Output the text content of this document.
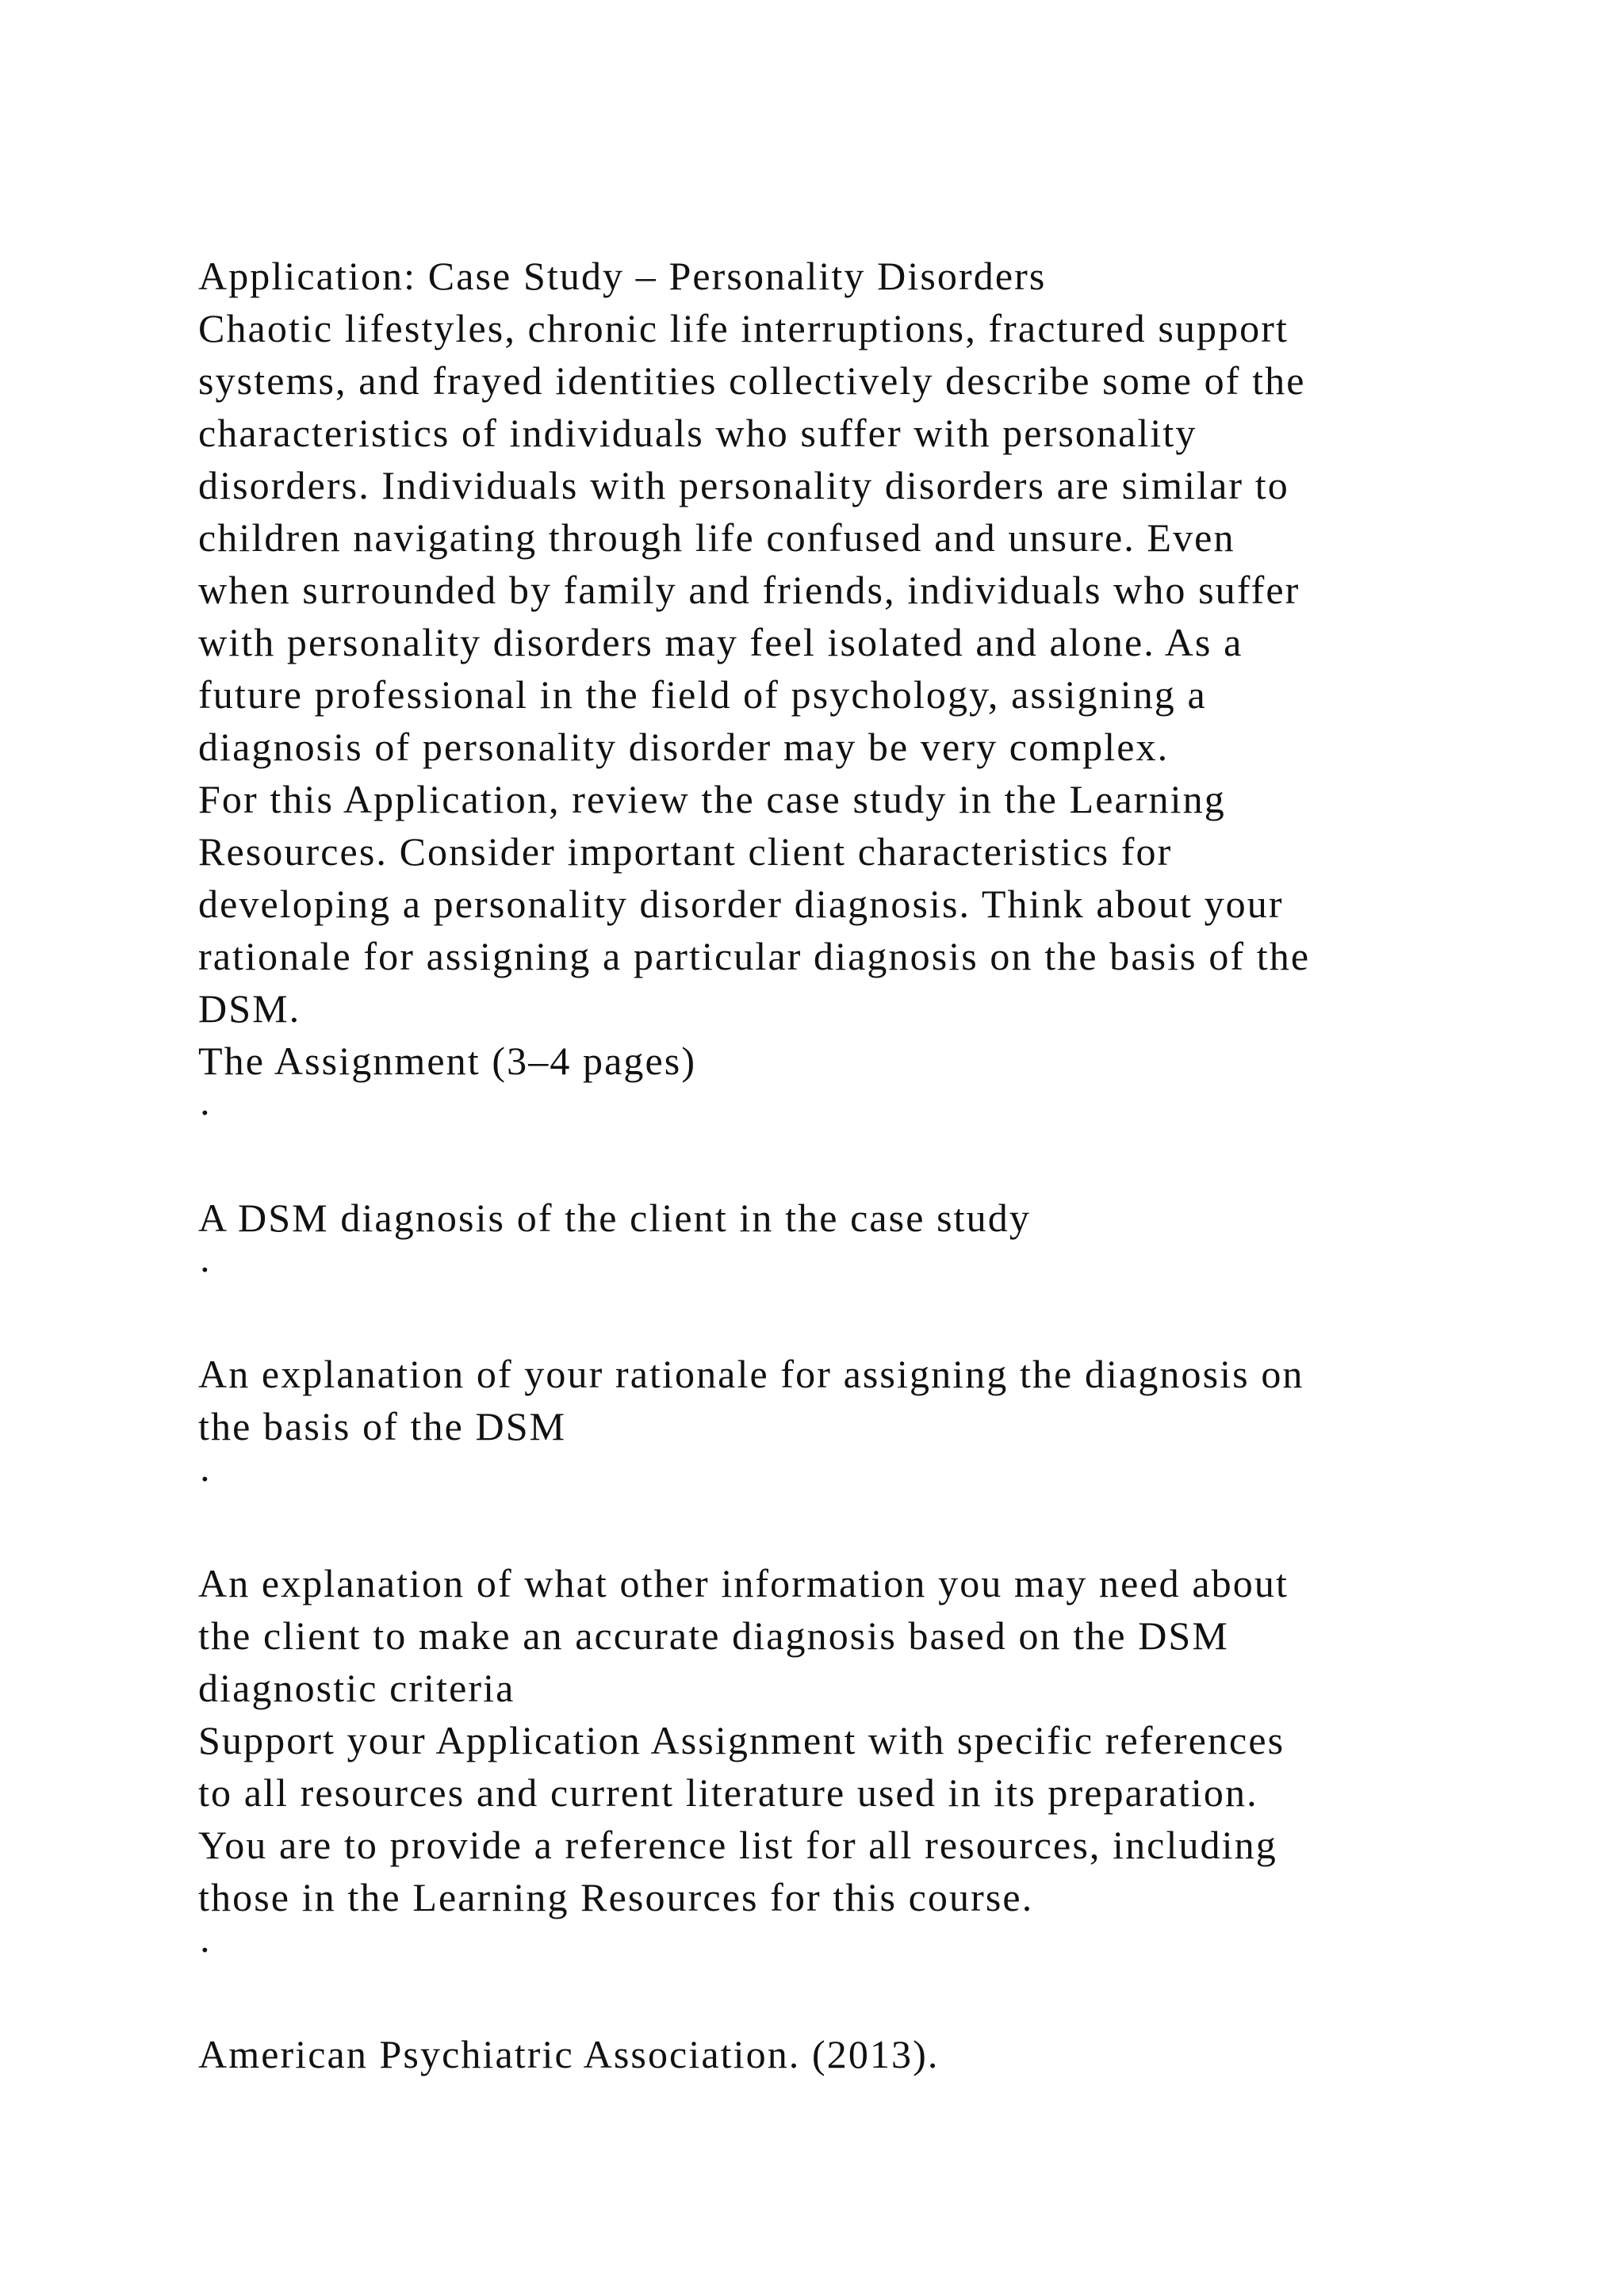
Application: Case Study – Personality Disorders
Chaotic lifestyles, chronic life interruptions, fractured support
systems, and frayed identities collectively describe some of the
characteristics of individuals who suffer with personality
disorders. Individuals with personality disorders are similar to
children navigating through life confused and unsure. Even
when surrounded by family and friends, individuals who suffer
with personality disorders may feel isolated and alone. As a
future professional in the field of psychology, assigning a
diagnosis of personality disorder may be very complex.
For this Application, review the case study in the Learning
Resources. Consider important client characteristics for
developing a personality disorder diagnosis. Think about your
rationale for assigning a particular diagnosis on the basis of the
DSM.
The Assignment (3–4 pages)
·
A DSM diagnosis of the client in the case study
·
An explanation of your rationale for assigning the diagnosis on
the basis of the DSM
·
An explanation of what other information you may need about
the client to make an accurate diagnosis based on the DSM
diagnostic criteria
Support your Application Assignment with specific references
to all resources and current literature used in its preparation.
You are to provide a reference list for all resources, including
those in the Learning Resources for this course.
·
American Psychiatric Association. (2013).
